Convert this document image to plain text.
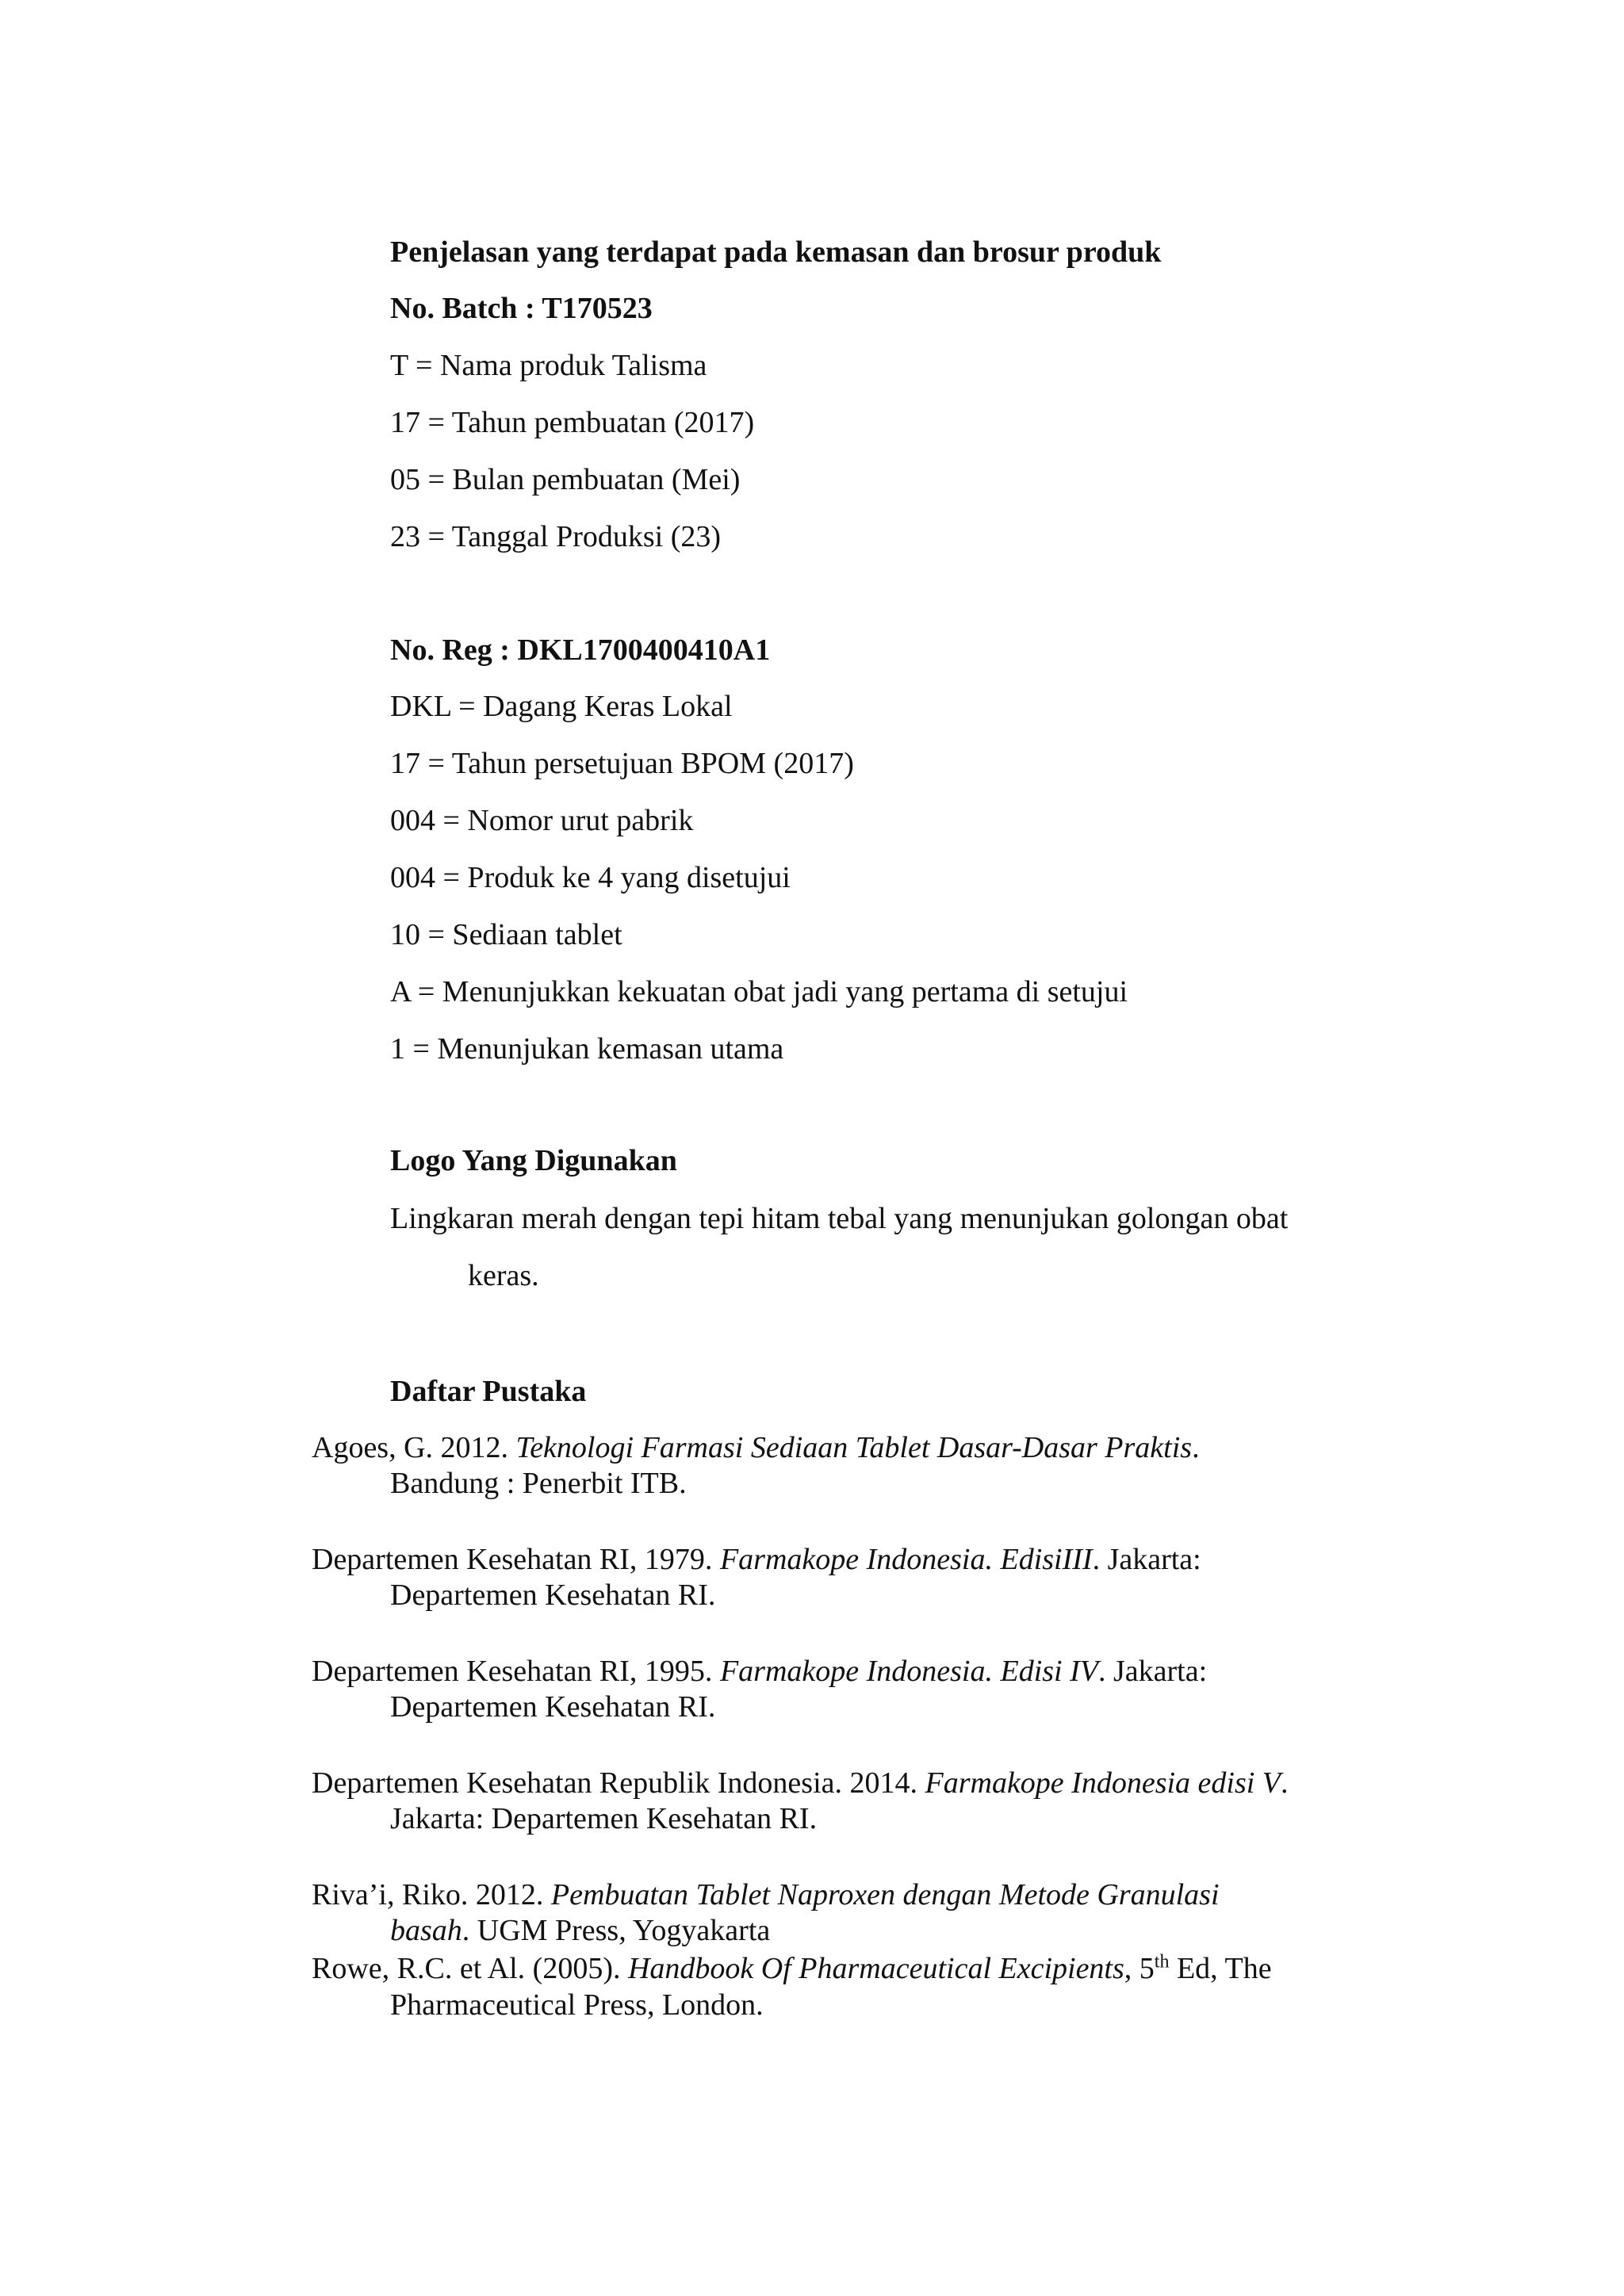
Penjelasan yang terdapat pada kemasan dan brosur produk
No. Batch : T170523
T = Nama produk Talisma
17 = Tahun pembuatan (2017)
05 = Bulan pembuatan (Mei)
23 = Tanggal Produksi (23)
No. Reg : DKL1700400410A1
DKL = Dagang Keras Lokal
17 = Tahun persetujuan BPOM (2017)
004 = Nomor urut pabrik
004 = Produk ke 4 yang disetujui
10 = Sediaan tablet
A = Menunjukkan kekuatan obat jadi yang pertama di setujui
1 = Menunjukan kemasan utama
Logo Yang Digunakan
Lingkaran merah dengan tepi hitam tebal yang menunjukan golongan obat
keras.
Daftar Pustaka
Agoes, G. 2012. Teknologi Farmasi Sediaan Tablet Dasar-Dasar Praktis.
Bandung : Penerbit ITB.
Departemen Kesehatan RI, 1979. Farmakope Indonesia. EdisiIII. Jakarta:
Departemen Kesehatan RI.
Departemen Kesehatan RI, 1995. Farmakope Indonesia. Edisi IV. Jakarta:
Departemen Kesehatan RI.
Departemen Kesehatan Republik Indonesia. 2014. Farmakope Indonesia edisi V.
Jakarta: Departemen Kesehatan RI.
Riva’i, Riko. 2012. Pembuatan Tablet Naproxen dengan Metode Granulasi
basah. UGM Press, Yogyakarta
Rowe, R.C. et Al. (2005). Handbook Of Pharmaceutical Excipients, 5th Ed, The
Pharmaceutical Press, London.
